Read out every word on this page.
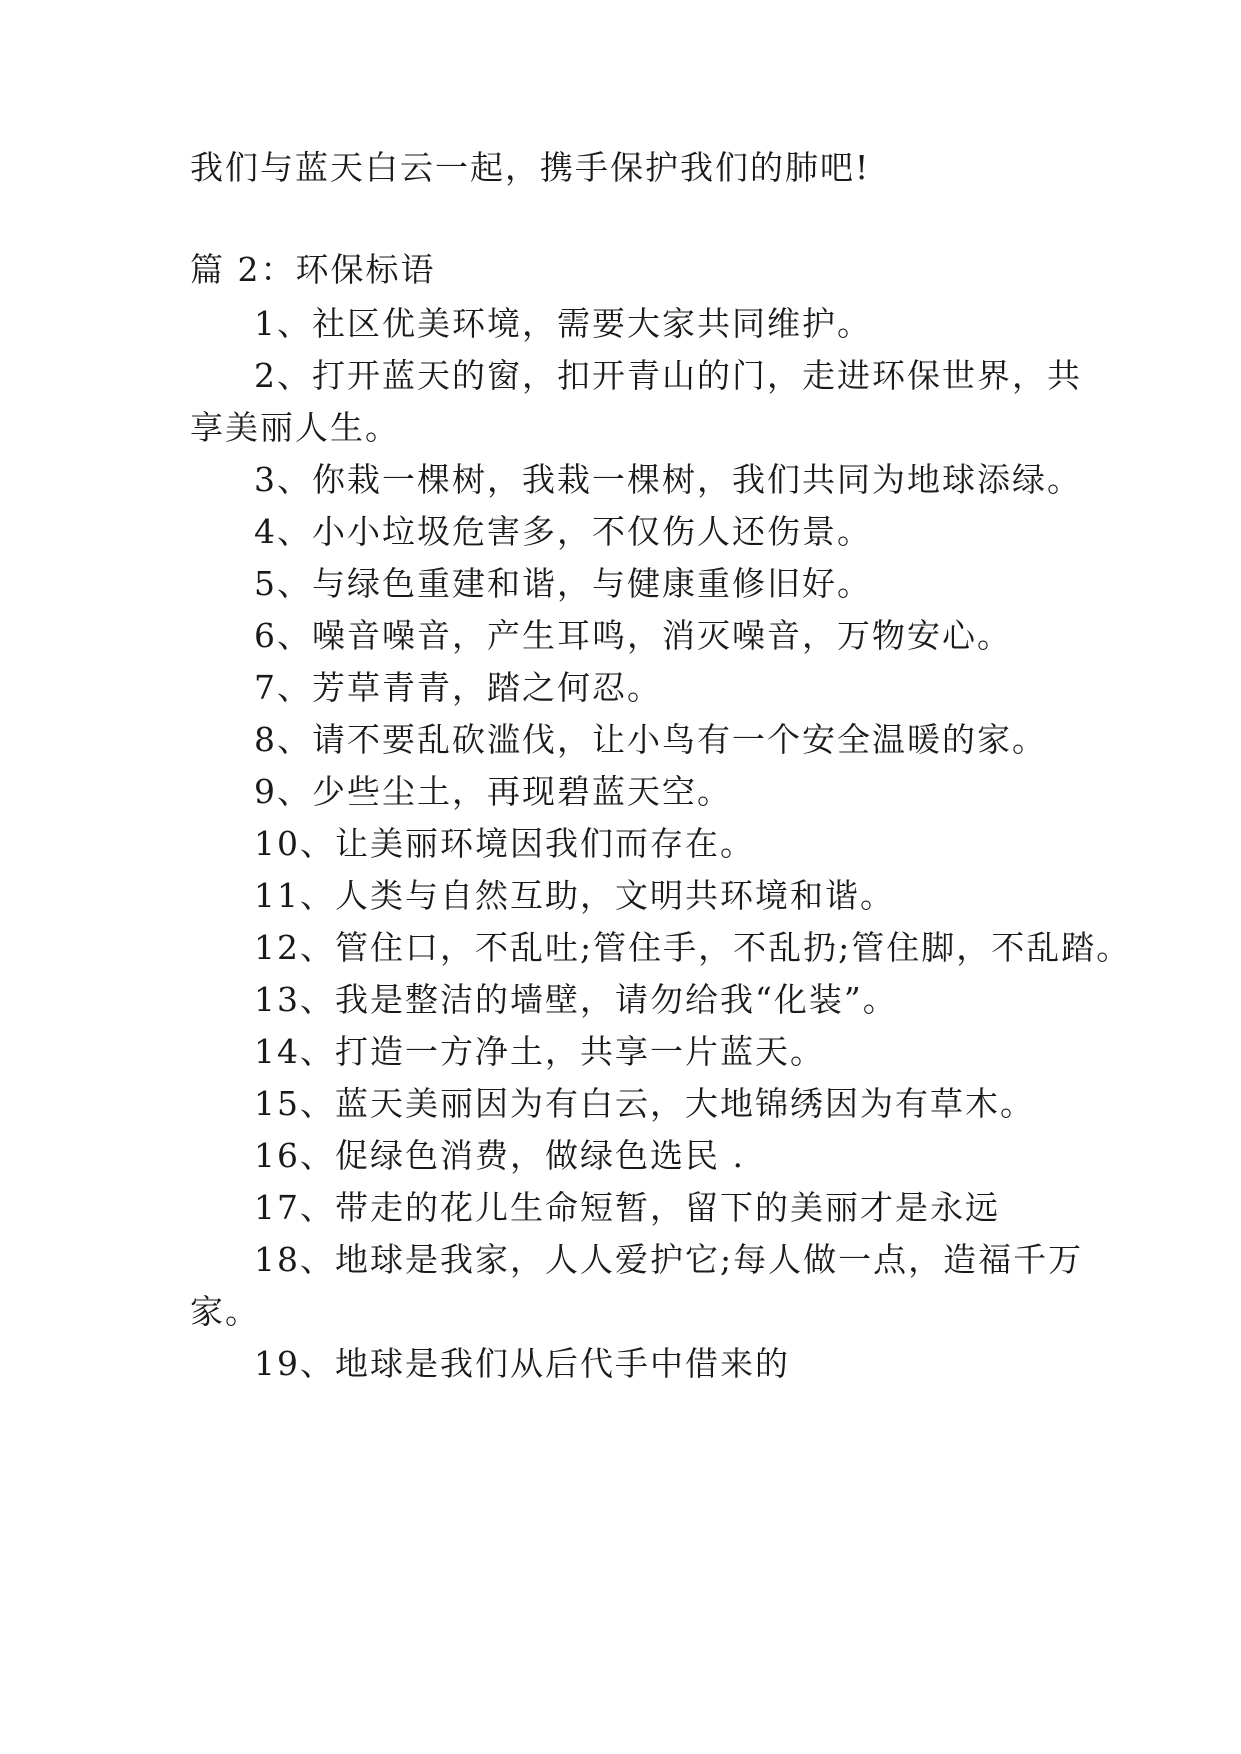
我们与蓝天白云一起，携手保护我们的肺吧!
篇 2：环保标语
1、社区优美环境，需要大家共同维护。
2、打开蓝天的窗，扣开青山的门，走进环保世界，共
享美丽人生。
3、你栽一棵树，我栽一棵树，我们共同为地球添绿。
4、小小垃圾危害多，不仅伤人还伤景。
5、与绿色重建和谐，与健康重修旧好。
6、噪音噪音，产生耳鸣，消灭噪音，万物安心。
7、芳草青青，踏之何忍。
8、请不要乱砍滥伐，让小鸟有一个安全温暖的家。
9、少些尘土，再现碧蓝天空。
10、让美丽环境因我们而存在。
11、人类与自然互助，文明共环境和谐。
12、管住口，不乱吐;管住手，不乱扔;管住脚，不乱踏。
13、我是整洁的墙壁，请勿给我“化装”。
14、打造一方净土，共享一片蓝天。
15、蓝天美丽因为有白云，大地锦绣因为有草木。
16、促绿色消费，做绿色选民 .
17、带走的花儿生命短暂，留下的美丽才是永远
18、地球是我家，人人爱护它;每人做一点，造福千万
家。
19、地球是我们从后代手中借来的
